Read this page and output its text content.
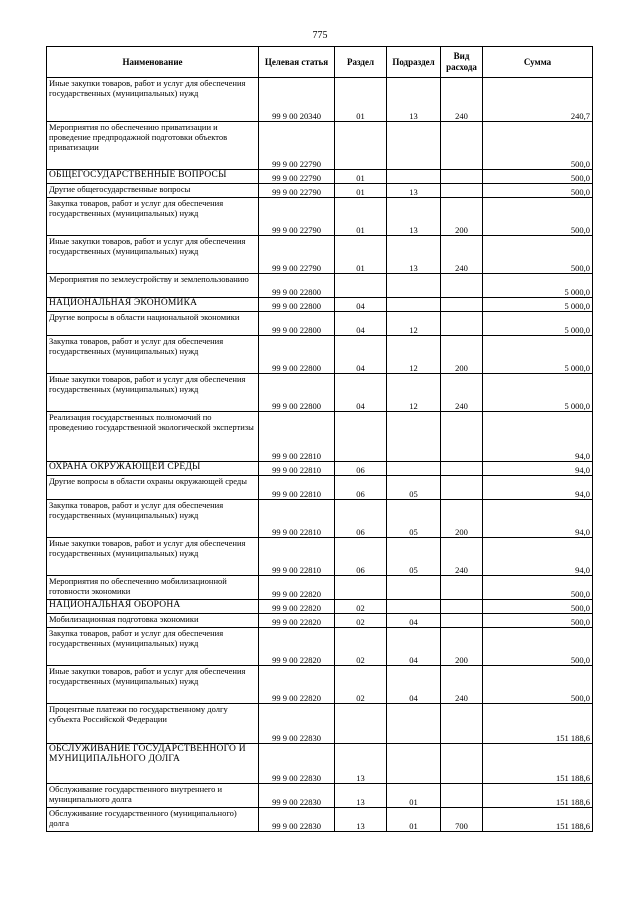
775
Наименование	Целевая статья	Раздел	Подраздел	Вид расхода	Сумма
Иные закупки товаров, работ и услуг для обеспечения государственных (муниципальных) нужд	99 9 00 20340	01	13	240	240,7
Мероприятия по обеспечению приватизации и проведение предпродажной подготовки объектов приватизации	99 9 00 22790				500,0
ОБЩЕГОСУДАРСТВЕННЫЕ ВОПРОСЫ	99 9 00 22790	01			500,0
Другие общегосударственные вопросы	99 9 00 22790	01	13		500,0
Закупка товаров, работ и услуг для обеспечения государственных (муниципальных) нужд	99 9 00 22790	01	13	200	500,0
Иные закупки товаров, работ и услуг для обеспечения государственных (муниципальных) нужд	99 9 00 22790	01	13	240	500,0
Мероприятия по землеустройству и землепользованию	99 9 00 22800				5 000,0
НАЦИОНАЛЬНАЯ ЭКОНОМИКА	99 9 00 22800	04			5 000,0
Другие вопросы в области национальной экономики	99 9 00 22800	04	12		5 000,0
Закупка товаров, работ и услуг для обеспечения государственных (муниципальных) нужд	99 9 00 22800	04	12	200	5 000,0
Иные закупки товаров, работ и услуг для обеспечения государственных (муниципальных) нужд	99 9 00 22800	04	12	240	5 000,0
Реализация государственных полномочий по проведению государственной экологической экспертизы	99 9 00 22810				94,0
ОХРАНА ОКРУЖАЮЩЕЙ СРЕДЫ	99 9 00 22810	06			94,0
Другие вопросы в области охраны окружающей среды	99 9 00 22810	06	05		94,0
Закупка товаров, работ и услуг для обеспечения государственных (муниципальных) нужд	99 9 00 22810	06	05	200	94,0
Иные закупки товаров, работ и услуг для обеспечения государственных (муниципальных) нужд	99 9 00 22810	06	05	240	94,0
Мероприятия по обеспечению мобилизационной готовности экономики	99 9 00 22820				500,0
НАЦИОНАЛЬНАЯ ОБОРОНА	99 9 00 22820	02			500,0
Мобилизационная подготовка экономики	99 9 00 22820	02	04		500,0
Закупка товаров, работ и услуг для обеспечения государственных (муниципальных) нужд	99 9 00 22820	02	04	200	500,0
Иные закупки товаров, работ и услуг для обеспечения государственных (муниципальных) нужд	99 9 00 22820	02	04	240	500,0
Процентные платежи по государственному долгу субъекта Российской Федерации	99 9 00 22830				151 188,6
ОБСЛУЖИВАНИЕ ГОСУДАРСТВЕННОГО И МУНИЦИПАЛЬНОГО ДОЛГА	99 9 00 22830	13			151 188,6
Обслуживание государственного внутреннего и муниципального долга	99 9 00 22830	13	01		151 188,6
Обслуживание государственного (муниципального) долга	99 9 00 22830	13	01	700	151 188,6
